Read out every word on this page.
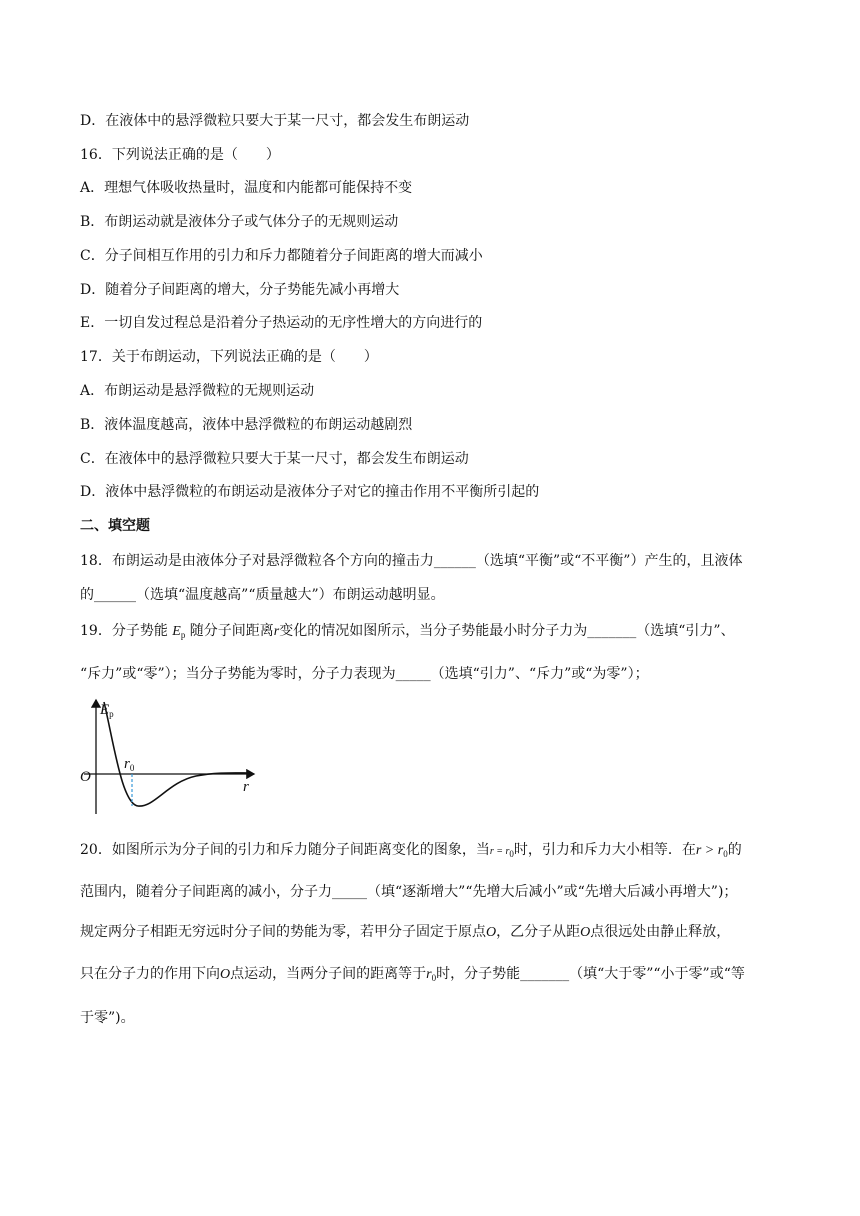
D．在液体中的悬浮微粒只要大于某一尺寸，都会发生布朗运动
16．下列说法正确的是（　　）
A．理想气体吸收热量时，温度和内能都可能保持不变
B．布朗运动就是液体分子或气体分子的无规则运动
C．分子间相互作用的引力和斥力都随着分子间距离的增大而减小
D．随着分子间距离的增大，分子势能先减小再增大
E．一切自发过程总是沿着分子热运动的无序性增大的方向进行的
17．关于布朗运动，下列说法正确的是（　　）
A．布朗运动是悬浮微粒的无规则运动
B．液体温度越高，液体中悬浮微粒的布朗运动越剧烈
C．在液体中的悬浮微粒只要大于某一尺寸，都会发生布朗运动
D．液体中悬浮微粒的布朗运动是液体分子对它的撞击作用不平衡所引起的
二、填空题
18．布朗运动是由液体分子对悬浮微粒各个方向的撞击力______（选填“平衡”或“不平衡”）产生的，且液体
的______（选填“温度越高”“质量越大”）布朗运动越明显。
19．分子势能 $E_p$ 随分子间距离r变化的情况如图所示，当分子势能最小时分子力为_______（选填“引力”、
“斥力”或“零”）；当分子势能为零时，分子力表现为_____（选填“引力”、“斥力”或“为零”）；
$E_p$
O
$r_0$
r
20．如图所示为分子间的引力和斥力随分子间距离变化的图象，当r = r0时，引力和斥力大小相等．在$r > r_0$的
范围内，随着分子间距离的减小，分子力_____（填“逐渐增大”“先增大后减小”或“先增大后减小再增大”)；
规定两分子相距无穷远时分子间的势能为零，若甲分子固定于原点O，乙分子从距O点很远处由静止释放，
只在分子力的作用下向O点运动，当两分子间的距离等于$r_0$时，分子势能_______（填“大于零”“小于零”或“等
于零”)。
